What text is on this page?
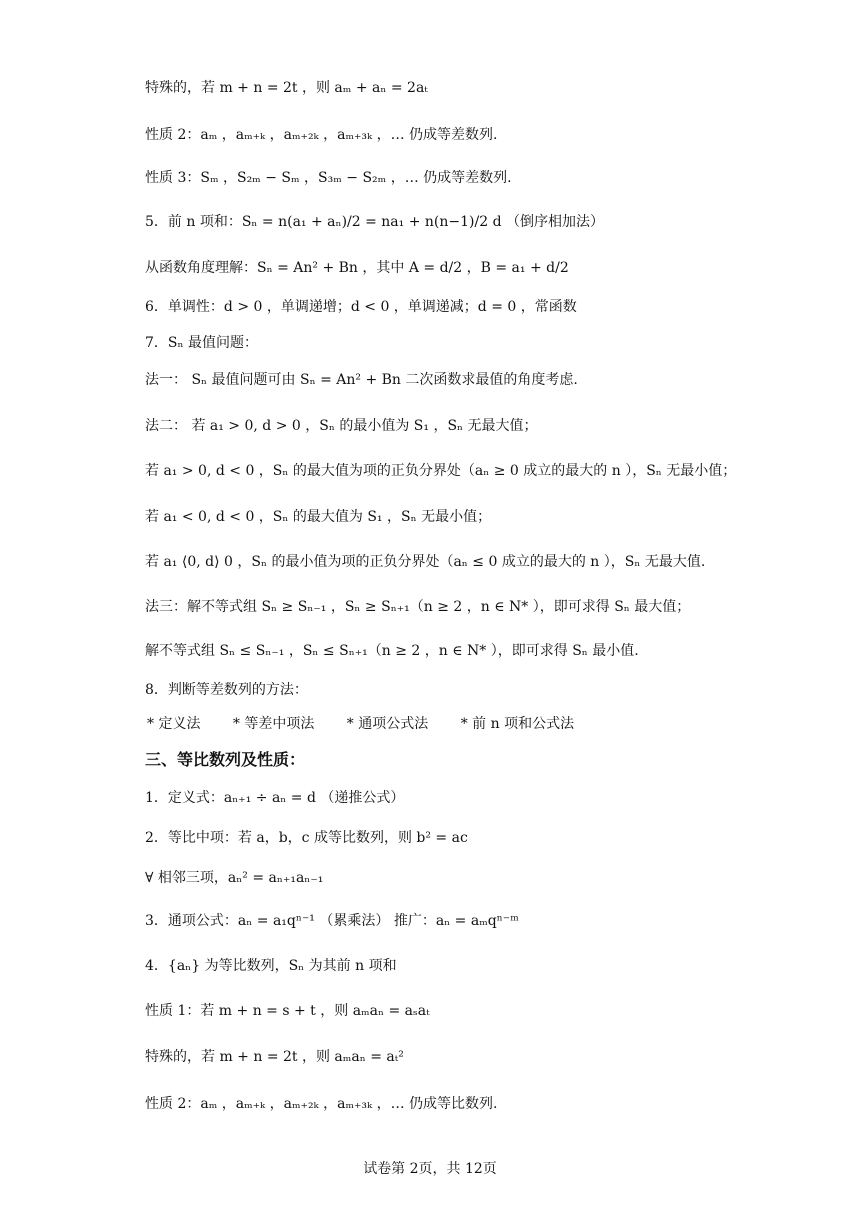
特殊的，若 m + n = 2t ，则 aₘ + aₙ = 2aₜ
性质 2：aₘ ，aₘ₊ₖ ，aₘ₊₂ₖ ，aₘ₊₃ₖ ，… 仍成等差数列.
性质 3：Sₘ ，S₂ₘ − Sₘ ，S₃ₘ − S₂ₘ ，… 仍成等差数列.
5．前 n 项和：Sₙ = n(a₁ + aₙ)/2 = na₁ + n(n−1)/2 d （倒序相加法）
从函数角度理解：Sₙ = An² + Bn ，其中 A = d/2 ，B = a₁ + d/2
6．单调性：d > 0 ，单调递增；d < 0 ，单调递减；d = 0 ，常函数
7．Sₙ 最值问题：
法一： Sₙ 最值问题可由 Sₙ = An² + Bn 二次函数求最值的角度考虑.
法二： 若 a₁ > 0, d > 0 ，Sₙ 的最小值为 S₁ ，Sₙ 无最大值；
若 a₁ > 0, d < 0 ，Sₙ 的最大值为项的正负分界处（aₙ ≥ 0 成立的最大的 n ），Sₙ 无最小值；
若 a₁ < 0, d < 0 ，Sₙ 的最大值为 S₁ ，Sₙ 无最小值；
若 a₁ ⟨0, d⟩ 0 ，Sₙ 的最小值为项的正负分界处（aₙ ≤ 0 成立的最大的 n ），Sₙ 无最大值.
法三：解不等式组 Sₙ ≥ Sₙ₋₁ ，Sₙ ≥ Sₙ₊₁（n ≥ 2 ，n ∈ N* ），即可求得 Sₙ 最大值；
解不等式组 Sₙ ≤ Sₙ₋₁ ，Sₙ ≤ Sₙ₊₁（n ≥ 2 ，n ∈ N* ），即可求得 Sₙ 最小值.
8．判断等差数列的方法：
* 定义法　　 * 等差中项法　　 * 通项公式法　　 * 前 n 项和公式法
三、等比数列及性质：
1．定义式：aₙ₊₁ ÷ aₙ = d （递推公式）
2．等比中项：若 a，b，c 成等比数列，则 b² = ac
∀ 相邻三项，aₙ² = aₙ₊₁aₙ₋₁
3．通项公式：aₙ = a₁qⁿ⁻¹ （累乘法） 推广：aₙ = aₘqⁿ⁻ᵐ
4．{aₙ} 为等比数列，Sₙ 为其前 n 项和
性质 1：若 m + n = s + t ，则 aₘaₙ = aₛaₜ
特殊的，若 m + n = 2t ，则 aₘaₙ = aₜ²
性质 2：aₘ ，aₘ₊ₖ ，aₘ₊₂ₖ ，aₘ₊₃ₖ ，… 仍成等比数列.
试卷第 2页，共 12页
